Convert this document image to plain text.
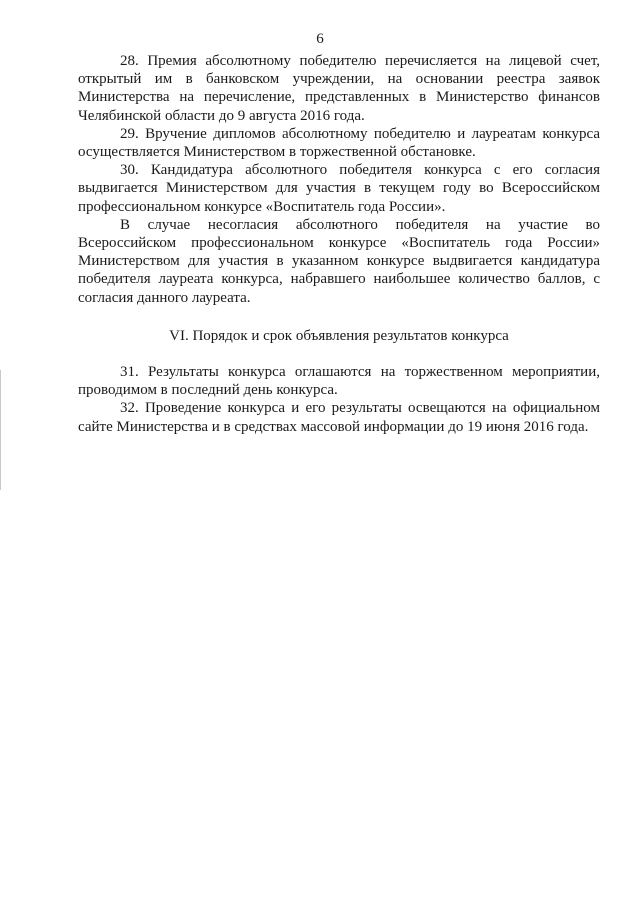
6

28. Премия абсолютному победителю перечисляется на лицевой счет, открытый им в банковском учреждении, на основании реестра заявок Министерства на перечисление, представленных в Министерство финансов Челябинской области до 9 августа 2016 года.

29. Вручение дипломов абсолютному победителю и лауреатам конкурса осуществляется Министерством в торжественной обстановке.

30. Кандидатура абсолютного победителя конкурса с его согласия выдвигается Министерством для участия в текущем году во Всероссийском профессиональном конкурсе «Воспитатель года России».

В случае несогласия абсолютного победителя на участие во Всероссийском профессиональном конкурсе «Воспитатель года России» Министерством для участия в указанном конкурсе выдвигается кандидатура победителя лауреата конкурса, набравшего наибольшее количество баллов, с согласия данного лауреата.

VI. Порядок и срок объявления результатов конкурса

31. Результаты конкурса оглашаются на торжественном мероприятии, проводимом в последний день конкурса.

32. Проведение конкурса и его результаты освещаются на официальном сайте Министерства и в средствах массовой информации до 19 июня 2016 года.
